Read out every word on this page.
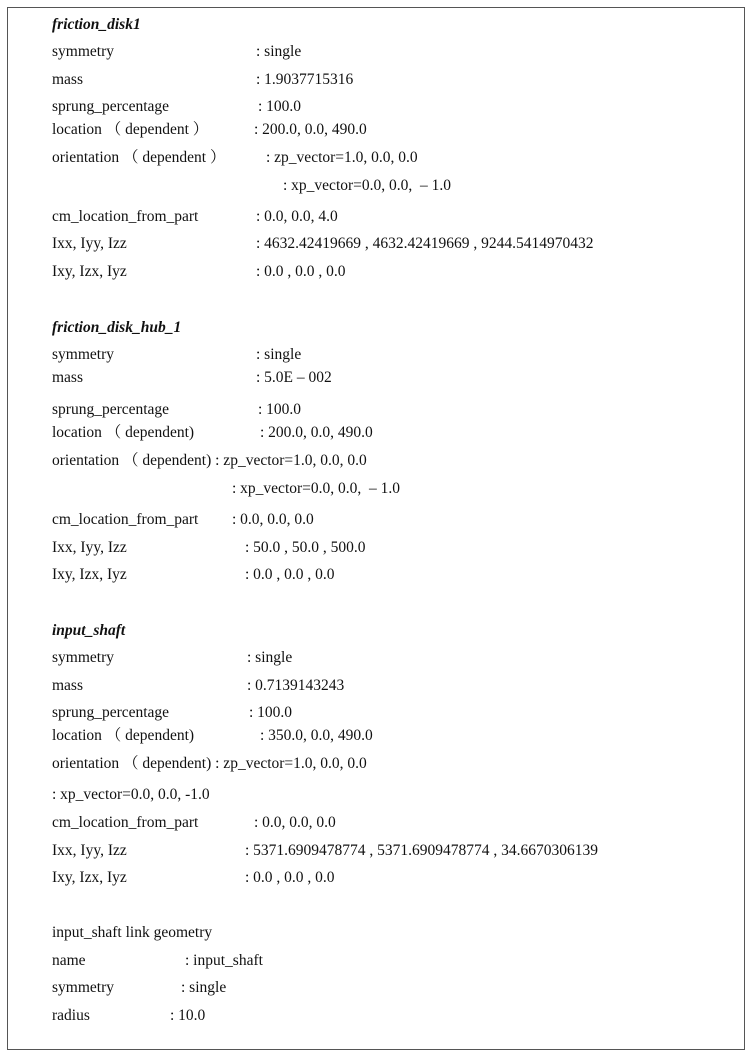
friction_disk1
symmetry	: single
mass	: 1.9037715316
sprung_percentage	: 100.0
location （ dependent ）	: 200.0, 0.0, 490.0
orientation （ dependent ）	: zp_vector=1.0, 0.0, 0.0
: xp_vector=0.0, 0.0,  – 1.0
cm_location_from_part	: 0.0, 0.0, 4.0
Ixx, Iyy, Izz	: 4632.42419669 , 4632.42419669 , 9244.5414970432
Ixy, Izx, Iyz	: 0.0 , 0.0 , 0.0
friction_disk_hub_1
symmetry	: single
mass	: 5.0E – 002
sprung_percentage	: 100.0
location （ dependent)	: 200.0, 0.0, 490.0
orientation （ dependent) : zp_vector=1.0, 0.0, 0.0
: xp_vector=0.0, 0.0,  – 1.0
cm_location_from_part : 0.0, 0.0, 0.0
Ixx, Iyy, Izz	: 50.0 , 50.0 , 500.0
Ixy, Izx, Iyz	: 0.0 , 0.0 , 0.0
input_shaft
symmetry	: single
mass	: 0.7139143243
sprung_percentage	: 100.0
location （ dependent)	: 350.0, 0.0, 490.0
orientation （ dependent) : zp_vector=1.0, 0.0, 0.0
: xp_vector=0.0, 0.0, -1.0
cm_location_from_part	: 0.0, 0.0, 0.0
Ixx, Iyy, Izz	: 5371.6909478774 , 5371.6909478774 , 34.6670306139
Ixy, Izx, Iyz	: 0.0 , 0.0 , 0.0
input_shaft link geometry
name	: input_shaft
symmetry	: single
radius	: 10.0
